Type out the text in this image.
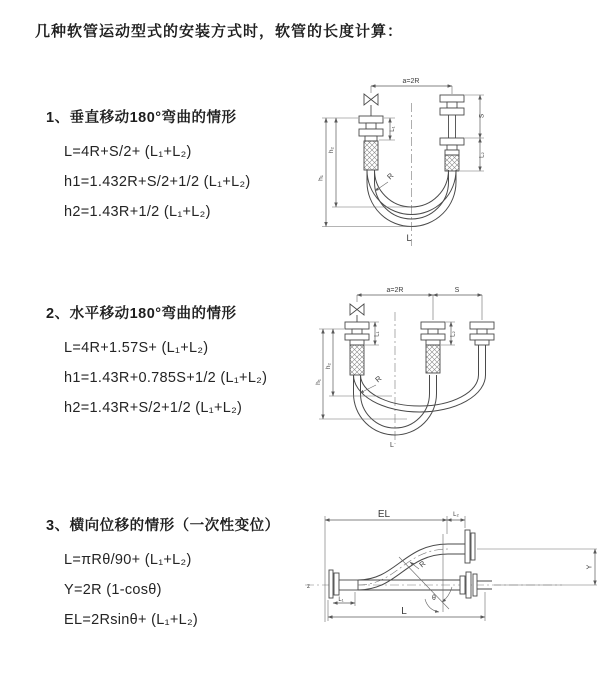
几种软管运动型式的安装方式时，软管的长度计算：
1、垂直移动180°弯曲的情形

L=4R+S/2+ (L₁+L₂)

h1=1.432R+S/2+1/2 (L₁+L₂)

h2=1.43R+1/2 (L₁+L₂)

2、水平移动180°弯曲的情形

L=4R+1.57S+ (L₁+L₂)

h1=1.43R+0.785S+1/2 (L₁+L₂)

h2=1.43R+S/2+1/2 (L₁+L₂)

3、横向位移的情形（一次性变位）

L=πRθ/90+ (L₁+L₂)

Y=2R (1-cosθ)

EL=2Rsinθ+ (L₁+L₂)

a=2R
h₁
h₂
L₁
S
L₂
R
L
a=2R	S
h₁
h₂
L₁	L₂
R
L
z
EL	L₂
Y
L
L₁	θ
R
